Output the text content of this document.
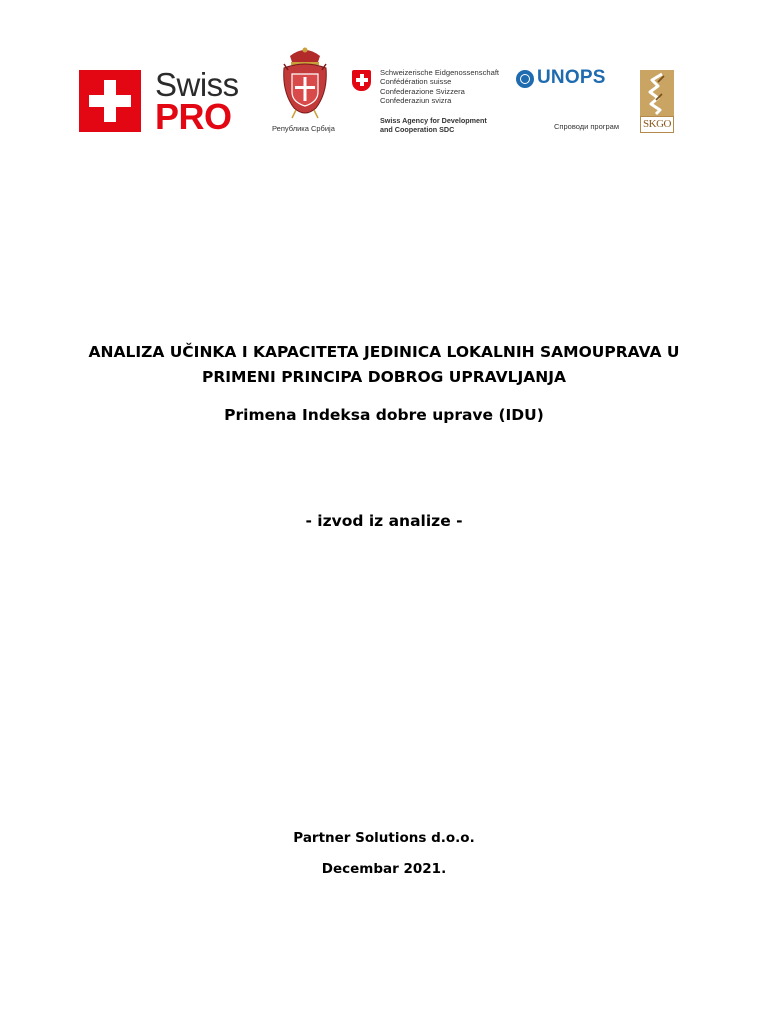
Swiss
PRO	Република Србија
Schweizerische Eidgenossenschaft
Confédération suisse
Confederazione Svizzera
Confederaziun svizra
Swiss Agency for Development
and Cooperation SDC
UNOPS
Спроводи програм SKGO

ANALIZA UČINKA I KAPACITETA JEDINICA LOKALNIH SAMOUPRAVA U
PRIMENI PRINCIPA DOBROG UPRAVLJANJA

Primena Indeksa dobre uprave (IDU)

- izvod iz analize -
Partner Solutions d.o.o.
Decembar 2021.
